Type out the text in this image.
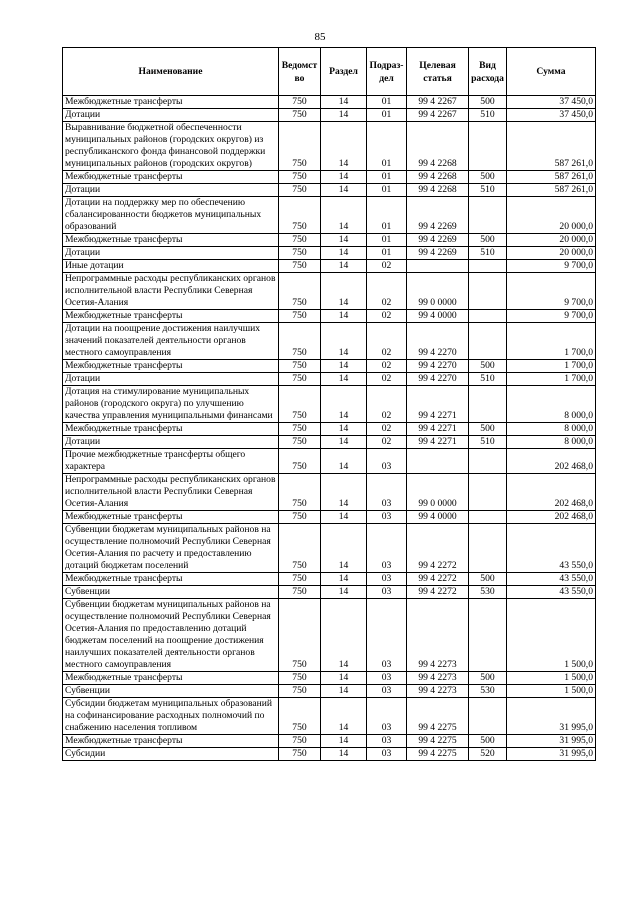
85
Наименование	Ведомст во	Раздел	Подраз- дел	Целевая статья	Вид расхода	Сумма
Межбюджетные трансферты	750	14	01	99 4 2267	500	37 450,0
Дотации	750	14	01	99 4 2267	510	37 450,0
Выравнивание бюджетной обеспеченности муниципальных районов (городских округов) из республиканского фонда финансовой поддержки муниципальных районов (городских округов)	750	14	01	99 4 2268		587 261,0
Межбюджетные трансферты	750	14	01	99 4 2268	500	587 261,0
Дотации	750	14	01	99 4 2268	510	587 261,0
Дотации на поддержку мер по обеспечению сбалансированности бюджетов муниципальных образований	750	14	01	99 4 2269		20 000,0
Межбюджетные трансферты	750	14	01	99 4 2269	500	20 000,0
Дотации	750	14	01	99 4 2269	510	20 000,0
Иные дотации	750	14	02			9 700,0
Непрограммные расходы республиканских органов исполнительной власти Республики Северная Осетия-Алания	750	14	02	99 0 0000		9 700,0
Межбюджетные трансферты	750	14	02	99 4 0000		9 700,0
Дотации на поощрение достижения наилучших значений показателей деятельности органов местного самоуправления	750	14	02	99 4 2270		1 700,0
Межбюджетные трансферты	750	14	02	99 4 2270	500	1 700,0
Дотации	750	14	02	99 4 2270	510	1 700,0
Дотация на стимулирование муниципальных районов (городского округа) по улучшению качества управления муниципальными финансами	750	14	02	99 4 2271		8 000,0
Межбюджетные трансферты	750	14	02	99 4 2271	500	8 000,0
Дотации	750	14	02	99 4 2271	510	8 000,0
Прочие межбюджетные трансферты общего характера	750	14	03			202 468,0
Непрограммные расходы республиканских органов исполнительной власти Республики Северная Осетия-Алания	750	14	03	99 0 0000		202 468,0
Межбюджетные трансферты	750	14	03	99 4 0000		202 468,0
Субвенции бюджетам муниципальных районов на осуществление полномочий Республики Северная Осетия-Алания по расчету и предоставлению дотаций бюджетам поселений	750	14	03	99 4 2272		43 550,0
Межбюджетные трансферты	750	14	03	99 4 2272	500	43 550,0
Субвенции	750	14	03	99 4 2272	530	43 550,0
Субвенции бюджетам муниципальных районов на осуществление полномочий Республики Северная Осетия-Алания по предоставлению дотаций бюджетам поселений на поощрение достижения наилучших показателей деятельности органов местного самоуправления	750	14	03	99 4 2273		1 500,0
Межбюджетные трансферты	750	14	03	99 4 2273	500	1 500,0
Субвенции	750	14	03	99 4 2273	530	1 500,0
Субсидии бюджетам муниципальных образований на софинансирование расходных полномочий по снабжению населения топливом	750	14	03	99 4 2275		31 995,0
Межбюджетные трансферты	750	14	03	99 4 2275	500	31 995,0
Субсидии	750	14	03	99 4 2275	520	31 995,0
